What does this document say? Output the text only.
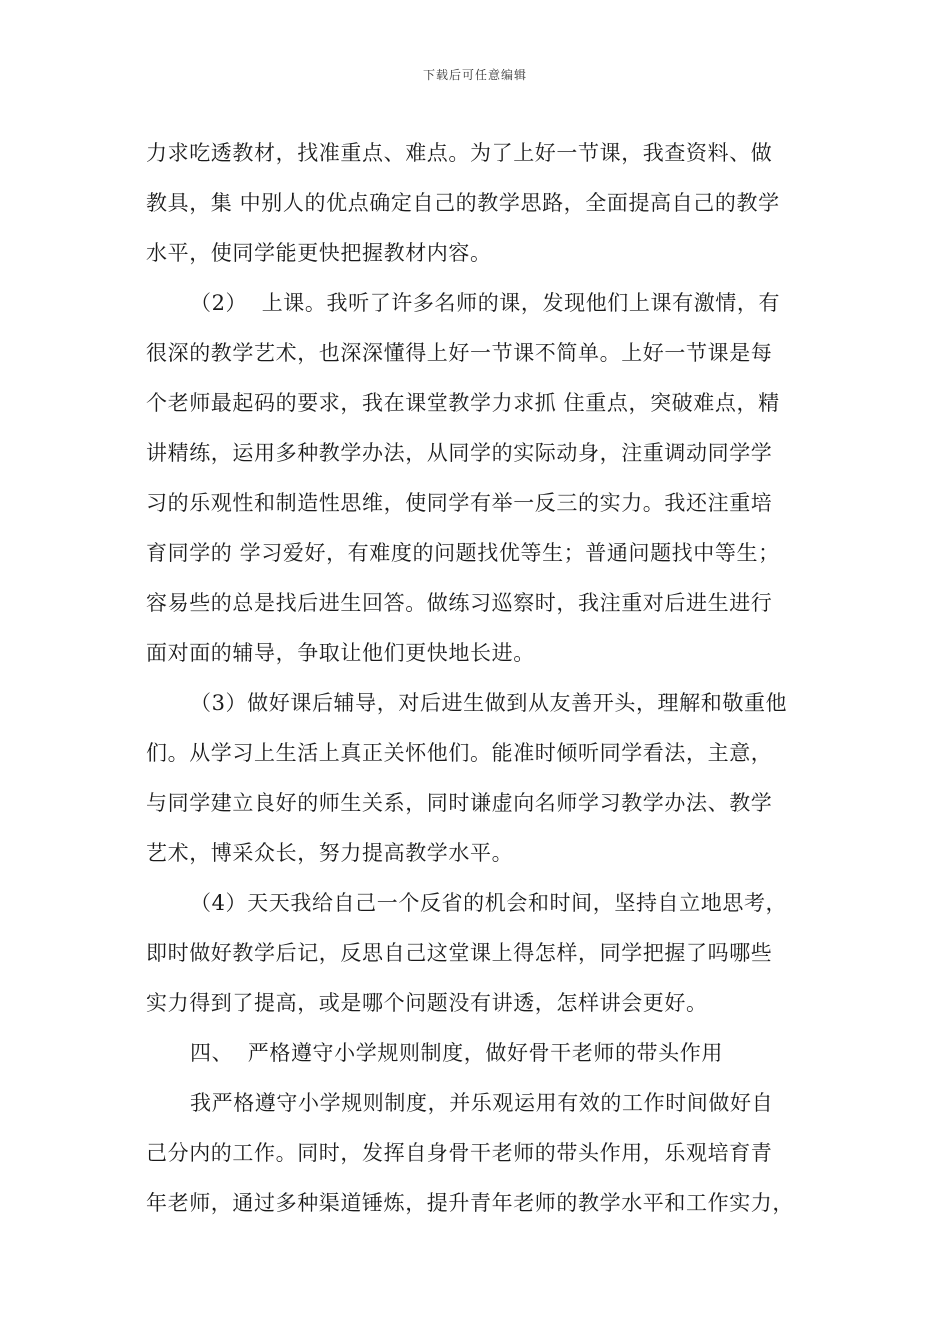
下载后可任意编辑
力求吃透教材，找准重点、难点。为了上好一节课，我查资料、做
教具，集 中别人的优点确定自己的教学思路，全面提高自己的教学
水平，使同学能更快把握教材内容。
（2）  上课。我听了许多名师的课，发现他们上课有激情，有
很深的教学艺术，也深深懂得上好一节课不简单。上好一节课是每
个老师最起码的要求，我在课堂教学力求抓 住重点，突破难点，精
讲精练，运用多种教学办法，从同学的实际动身，注重调动同学学
习的乐观性和制造性思维，使同学有举一反三的实力。我还注重培
育同学的 学习爱好，有难度的问题找优等生；普通问题找中等生；
容易些的总是找后进生回答。做练习巡察时，我注重对后进生进行
面对面的辅导，争取让他们更快地长进。
（3）做好课后辅导，对后进生做到从友善开头，理解和敬重他
们。从学习上生活上真正关怀他们。能准时倾听同学看法，主意，
与同学建立良好的师生关系，同时谦虚向名师学习教学办法、教学
艺术，博采众长，努力提高教学水平。
（4）天天我给自己一个反省的机会和时间，坚持自立地思考，
即时做好教学后记，反思自己这堂课上得怎样，同学把握了吗哪些
实力得到了提高，或是哪个问题没有讲透，怎样讲会更好。
四、  严格遵守小学规则制度，做好骨干老师的带头作用
我严格遵守小学规则制度，并乐观运用有效的工作时间做好自
己分内的工作。同时，发挥自身骨干老师的带头作用，乐观培育青
年老师，通过多种渠道锤炼，提升青年老师的教学水平和工作实力，
